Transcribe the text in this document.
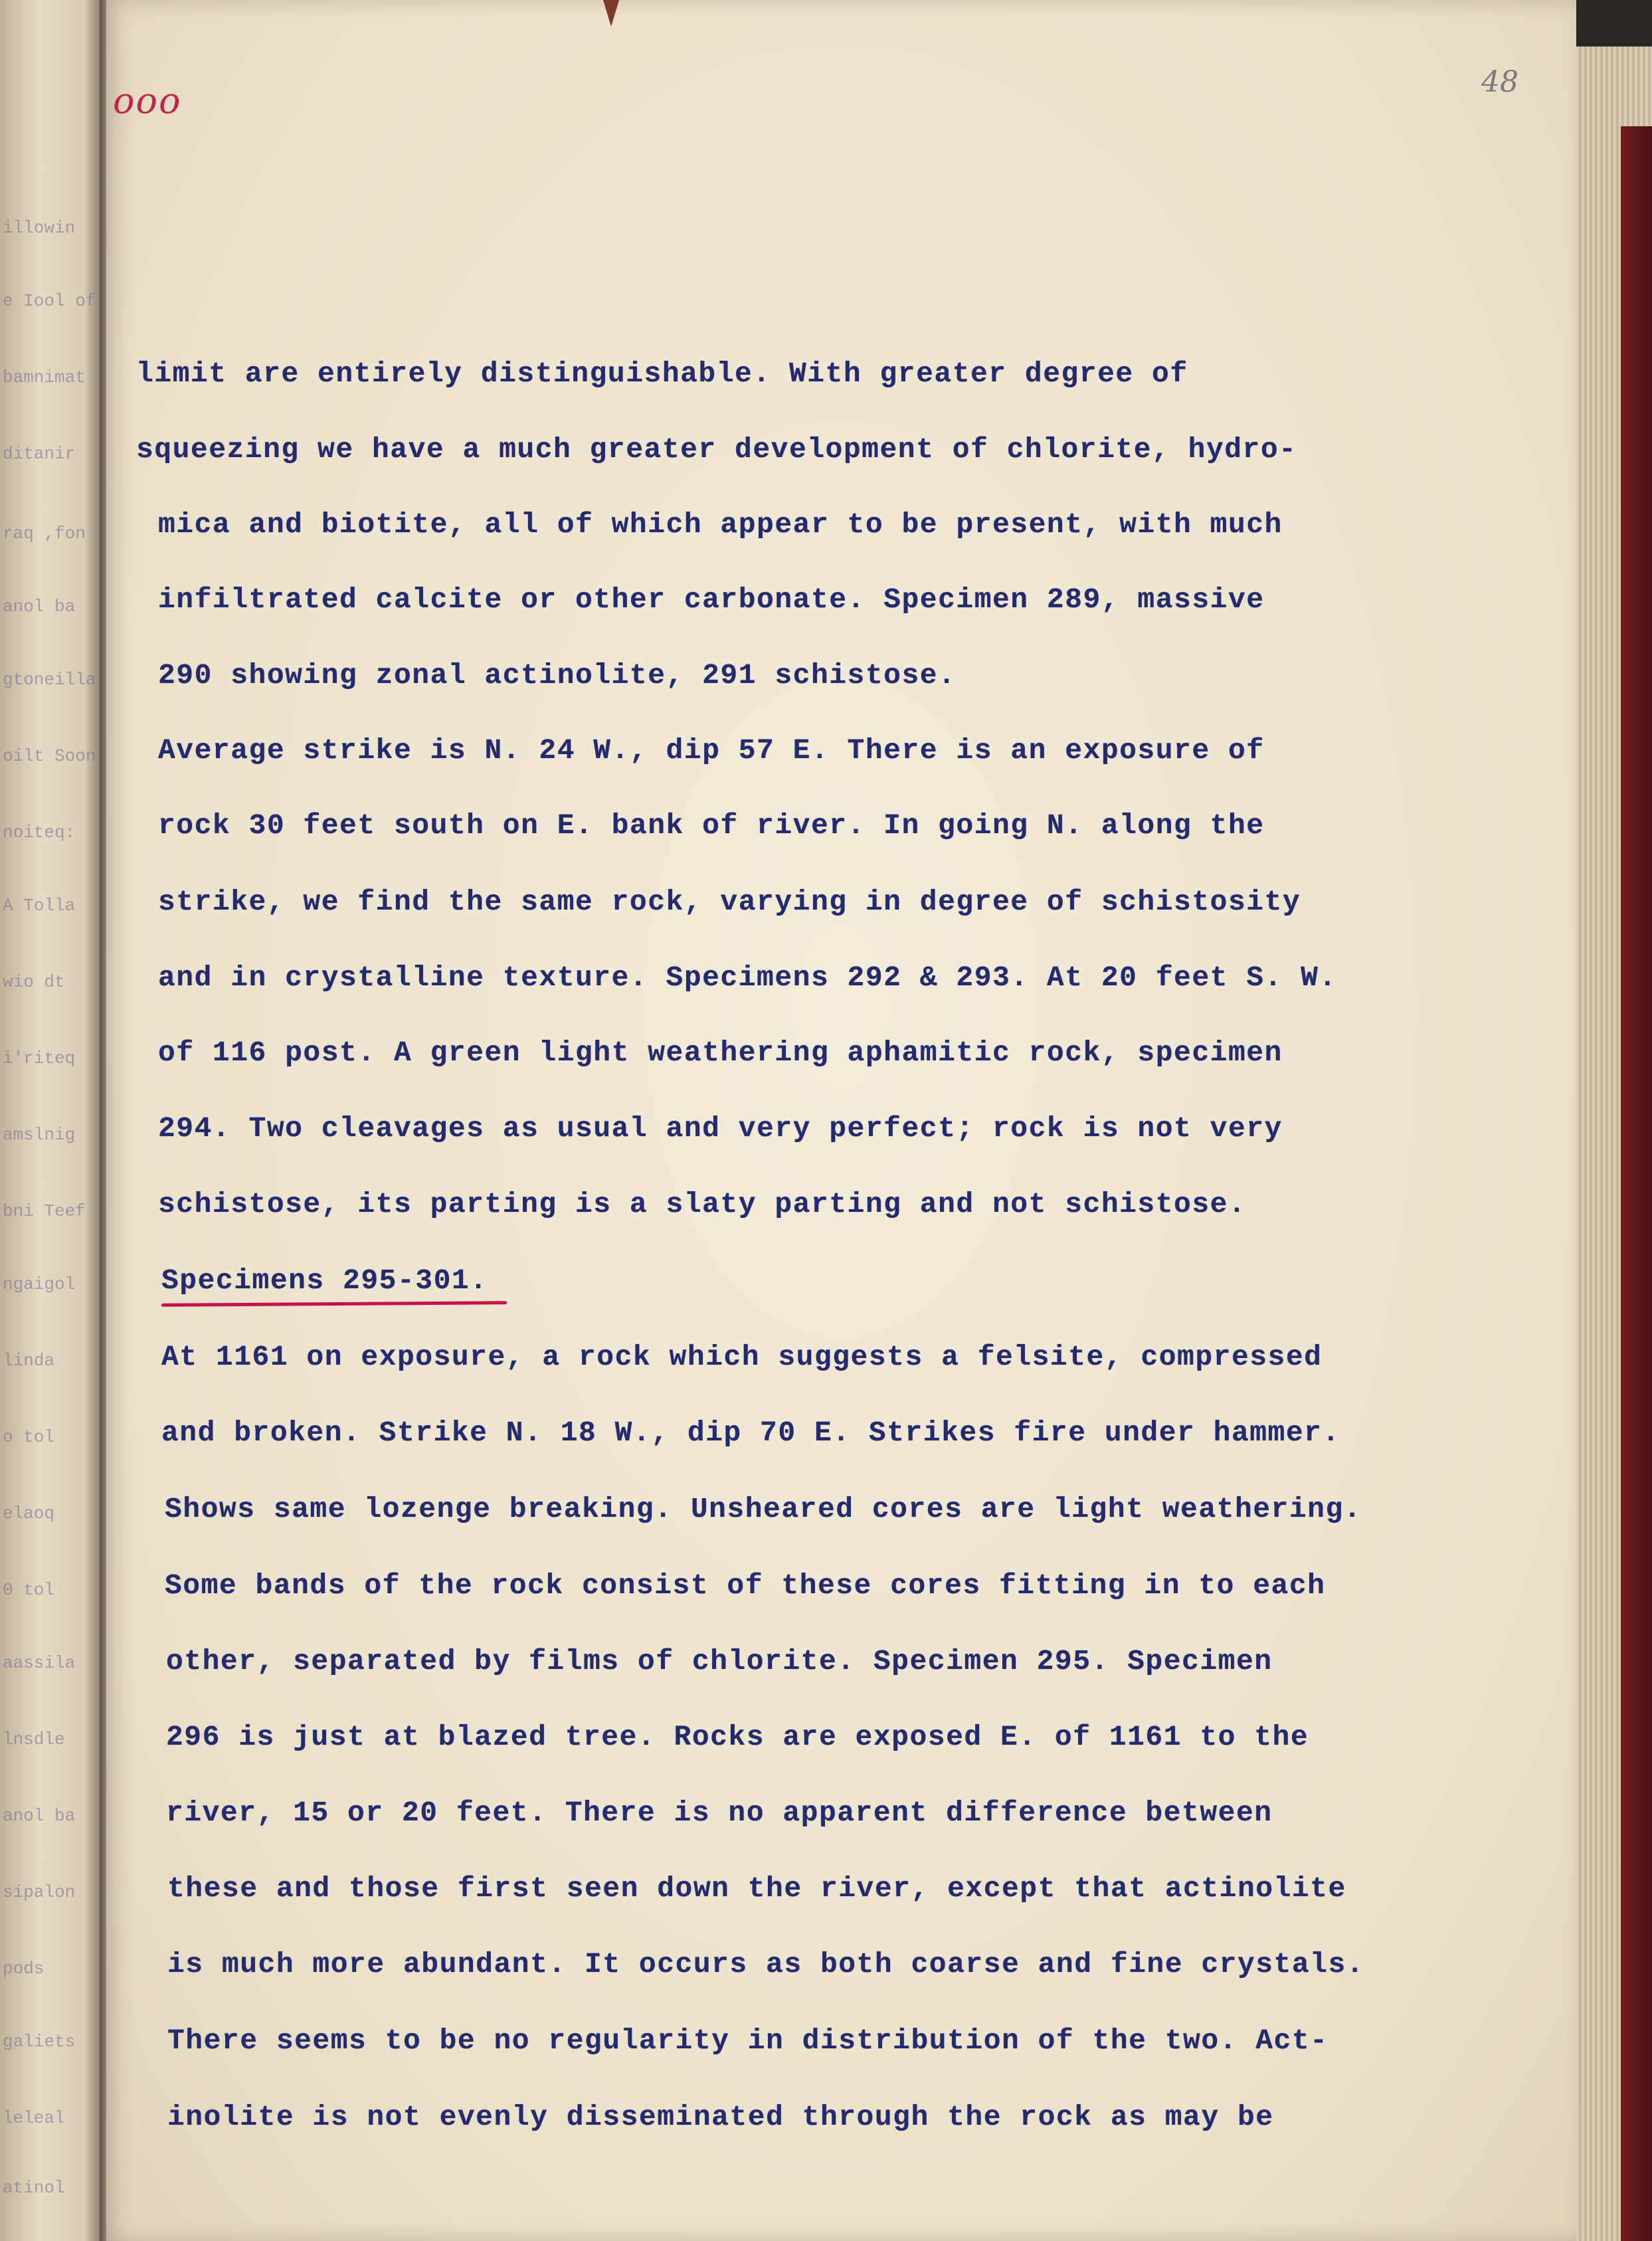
illowin
e Iool of
bamnimat
ditanir
raq ,fon
anol ba
gtoneilla
oilt Soon
noiteq:
A Tolla
wio dt
i'riteq
amslnig
bni Teef
ngaigol
linda
o tol
elaoq
0 tol
aassila
lnsdle
anol ba
sipalon
pods
galiets
leleal
atinol
ooo	48
limit are entirely distinguishable. With greater degree of
squeezing we have a much greater development of chlorite, hydro-
mica and biotite, all of which appear to be present, with much
infiltrated calcite or other carbonate. Specimen 289, massive
290 showing zonal actinolite, 291 schistose.
Average strike is N. 24 W., dip 57 E. There is an exposure of
rock 30 feet south on E. bank of river. In going N. along the
strike, we find the same rock, varying in degree of schistosity
and in crystalline texture. Specimens 292 & 293. At 20 feet S. W.
of 116 post. A green light weathering aphamitic rock, specimen
294. Two cleavages as usual and very perfect; rock is not very
schistose, its parting is a slaty parting and not schistose.
Specimens 295-301.
At 1161 on exposure, a rock which suggests a felsite, compressed
and broken. Strike N. 18 W., dip 70 E. Strikes fire under hammer.
Shows same lozenge breaking. Unsheared cores are light weathering.
Some bands of the rock consist of these cores fitting in to each
other, separated by films of chlorite. Specimen 295. Specimen
296 is just at blazed tree. Rocks are exposed E. of 1161 to the
river, 15 or 20 feet. There is no apparent difference between
these and those first seen down the river, except that actinolite
is much more abundant. It occurs as both coarse and fine crystals.
There seems to be no regularity in distribution of the two. Act-
inolite is not evenly disseminated through the rock as may be
